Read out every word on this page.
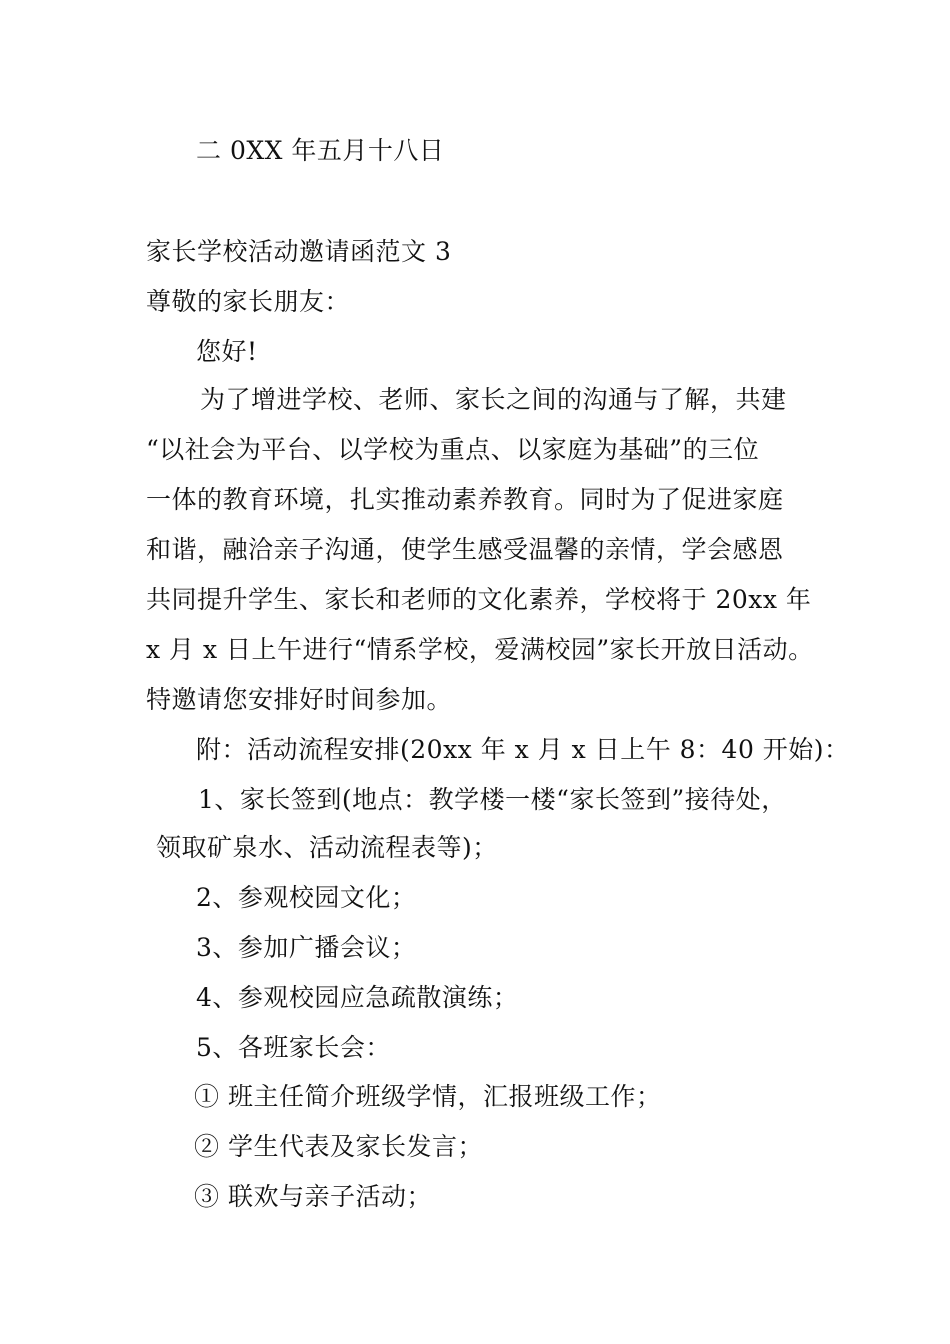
二 0XX 年五月十八日
家长学校活动邀请函范文 3
尊敬的家长朋友：
您好!
为了增进学校、老师、家长之间的沟通与了解，共建
“以社会为平台、以学校为重点、以家庭为基础”的三位
一体的教育环境，扎实推动素养教育。同时为了促进家庭
和谐，融洽亲子沟通，使学生感受温馨的亲情，学会感恩
共同提升学生、家长和老师的文化素养，学校将于 20xx 年
x 月 x 日上午进行“情系学校，爱满校园”家长开放日活动。
特邀请您安排好时间参加。
附：活动流程安排(20xx 年 x 月 x 日上午 8：40 开始)：
1、家长签到(地点：教学楼一楼“家长签到”接待处，
领取矿泉水、活动流程表等)；
2、参观校园文化；
3、参加广播会议；
4、参观校园应急疏散演练；
5、各班家长会：
① 班主任简介班级学情，汇报班级工作；
② 学生代表及家长发言；
③ 联欢与亲子活动；
